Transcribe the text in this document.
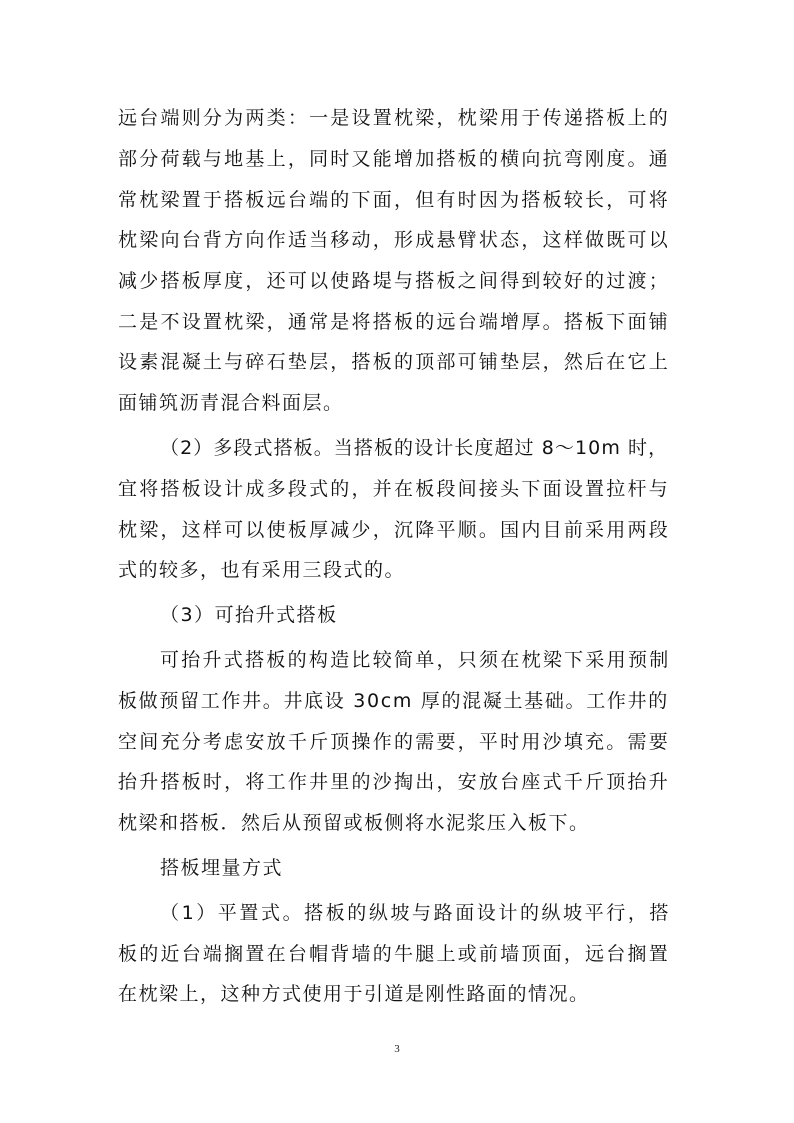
远台端则分为两类：一是设置枕梁，枕梁用于传递搭板上的
部分荷载与地基上，同时又能增加搭板的横向抗弯刚度。通
常枕梁置于搭板远台端的下面，但有时因为搭板较长，可将
枕梁向台背方向作适当移动，形成悬臂状态，这样做既可以
减少搭板厚度，还可以使路堤与搭板之间得到较好的过渡；
二是不设置枕梁，通常是将搭板的远台端增厚。搭板下面铺
设素混凝土与碎石垫层，搭板的顶部可铺垫层，然后在它上
面铺筑沥青混合料面层。
（2）多段式搭板。当搭板的设计长度超过 8～10m 时，
宜将搭板设计成多段式的，并在板段间接头下面设置拉杆与
枕梁，这样可以使板厚减少，沉降平顺。国内目前采用两段
式的较多，也有采用三段式的。
（3）可抬升式搭板
可抬升式搭板的构造比较简单，只须在枕梁下采用预制
板做预留工作井。井底设 30cm 厚的混凝土基础。工作井的
空间充分考虑安放千斤顶操作的需要，平时用沙填充。需要
抬升搭板时，将工作井里的沙掏出，安放台座式千斤顶抬升
枕梁和搭板．然后从预留或板侧将水泥浆压入板下。
搭板埋量方式
（1）平置式。搭板的纵坡与路面设计的纵坡平行，搭
板的近台端搁置在台帽背墙的牛腿上或前墙顶面，远台搁置
在枕梁上，这种方式使用于引道是刚性路面的情况。
3
